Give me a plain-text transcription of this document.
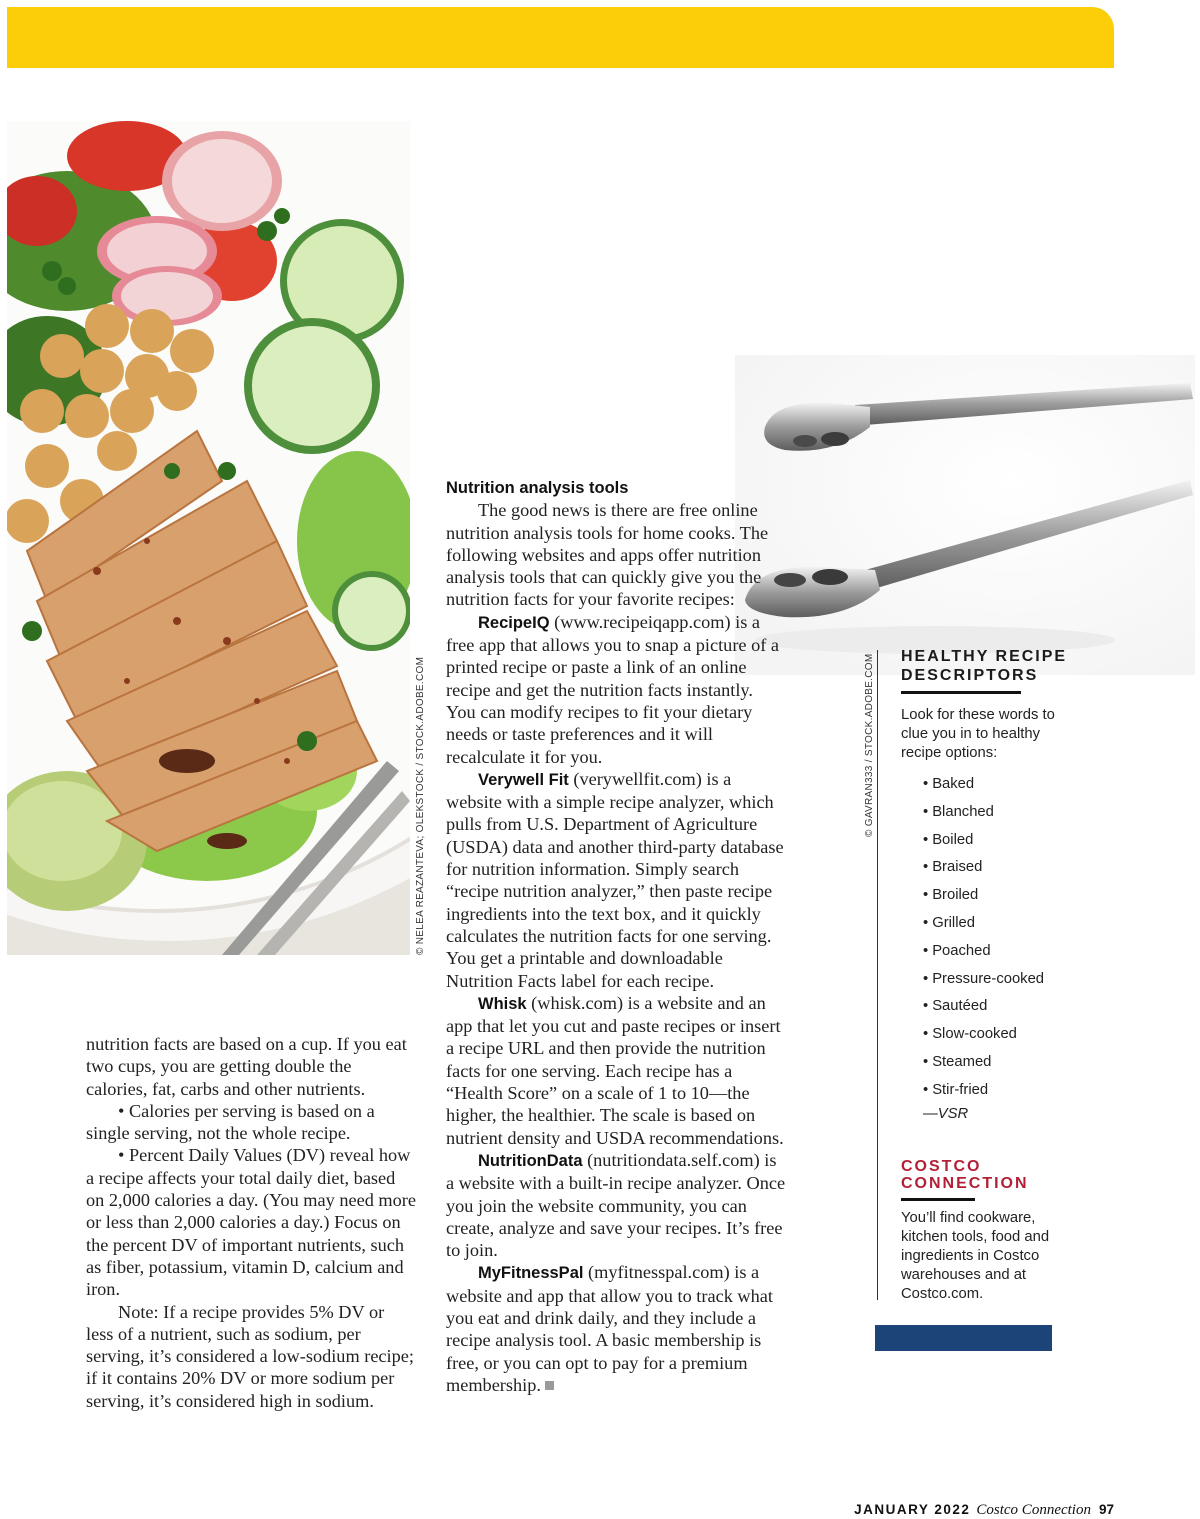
© NELEA REAZANTEVA; OLEKSTOCK / STOCK.ADOBE.COM	© GAVRAN333 / STOCK.ADOBE.COM

nutrition facts are based on a cup. If you eat two cups, you are getting double the calories, fat, carbs and other nutrients.

• Calories per serving is based on a single serving, not the whole recipe.

• Percent Daily Values (DV) reveal how a recipe affects your total daily diet, based on 2,000 calories a day. (You may need more or less than 2,000 calories a day.) Focus on the percent DV of important nutrients, such as fiber, potassium, vitamin D, calcium and iron.

Note: If a recipe provides 5% DV or less of a nutrient, such as sodium, per serving, it’s considered a low-sodium recipe; if it contains 20% DV or more sodium per serving, it’s considered high in sodium.

Nutrition analysis tools

The good news is there are free online nutrition analysis tools for home cooks. The following websites and apps offer nutrition analysis tools that can quickly give you the nutrition facts for your favorite recipes:

RecipeIQ (www.recipeiqapp.com) is a free app that allows you to snap a picture of a printed recipe or paste a link of an online recipe and get the nutrition facts instantly. You can modify recipes to fit your dietary needs or taste preferences and it will recalculate it for you.

Verywell Fit (verywellfit.com) is a website with a simple recipe analyzer, which pulls from U.S. Department of Agriculture (USDA) data and another third-party database for nutrition information. Simply search “recipe nutrition analyzer,” then paste recipe ingredients into the text box, and it quickly calculates the nutrition facts for one serving. You get a printable and downloadable Nutrition Facts label for each recipe.

Whisk (whisk.com) is a website and an app that let you cut and paste recipes or insert a recipe URL and then provide the nutrition facts for one serving. Each recipe has a “Health Score” on a scale of 1 to 10—the higher, the healthier. The scale is based on nutrient density and USDA recommendations.

NutritionData (nutritiondata.self.com) is a website with a built-in recipe analyzer. Once you join the website community, you can create, analyze and save your recipes. It’s free to join.

MyFitnessPal (myfitnesspal.com) is a website and app that allow you to track what you eat and drink daily, and they include a recipe analysis tool. A basic membership is free, or you can opt to pay for a premium membership.

HEALTHY RECIPE
DESCRIPTORS

Look for these words to clue you in to healthy recipe options:

• Baked
• Blanched
• Boiled
• Braised
• Broiled
• Grilled
• Poached
• Pressure-cooked
• Sautéed
• Slow-cooked
• Steamed
• Stir-fried
—VSR

COSTCO
CONNECTION

You’ll find cookware, kitchen tools, food and ingredients in Costco warehouses and at Costco.com.

JANUARY 2022 Costco Connection 97
